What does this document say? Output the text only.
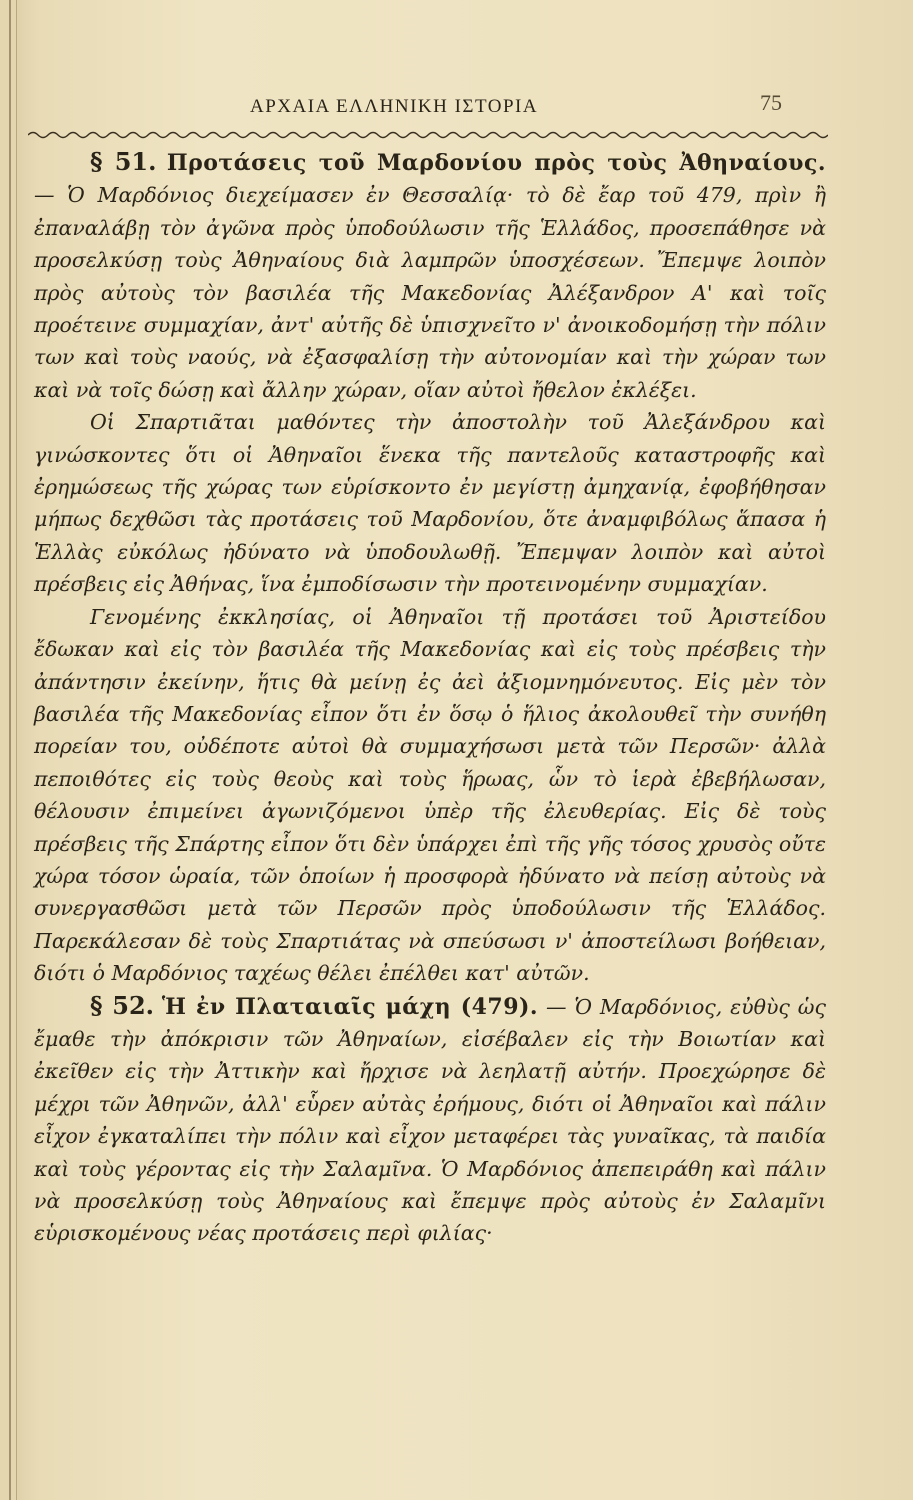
ΑΡΧΑΙΑ ΕΛΛΗΝΙΚΗ ΙΣΤΟΡΙΑ	75

§ 51. Προτάσεις τοῦ Μαρδονίου πρὸς τοὺς Ἀθηναίους. — Ὁ Μαρδόνιος διεχείμασεν ἐν Θεσσαλίᾳ· τὸ δὲ ἔαρ τοῦ 479, πρὶν ἢ ἐπαναλάβῃ τὸν ἀγῶνα πρὸς ὑποδούλωσιν τῆς Ἑλλάδος, προσεπάθησε νὰ προσελκύσῃ τοὺς Ἀθηναίους διὰ λαμπρῶν ὑποσχέσεων. Ἔπεμψε λοιπὸν πρὸς αὐτοὺς τὸν βασιλέα τῆς Μακεδονίας Ἀλέξανδρον Α' καὶ τοῖς προέτεινε συμμαχίαν, ἀντ' αὐτῆς δὲ ὑπισχνεῖτο ν' ἀνοικοδομήσῃ τὴν πόλιν των καὶ τοὺς ναούς, νὰ ἐξασφαλίσῃ τὴν αὐτονομίαν καὶ τὴν χώραν των καὶ νὰ τοῖς δώσῃ καὶ ἄλλην χώραν, οἵαν αὐτοὶ ἤθελον ἐκλέξει.

Οἱ Σπαρτιᾶται μαθόντες τὴν ἀποστολὴν τοῦ Ἀλεξάνδρου καὶ γινώσκοντες ὅτι οἱ Ἀθηναῖοι ἕνεκα τῆς παντελοῦς καταστροφῆς καὶ ἐρημώσεως τῆς χώρας των εὑρίσκοντο ἐν μεγίστῃ ἀμηχανίᾳ, ἐφοβήθησαν μήπως δεχθῶσι τὰς προτάσεις τοῦ Μαρδονίου, ὅτε ἀναμφιβόλως ἅπασα ἡ Ἑλλὰς εὐκόλως ἠδύνατο νὰ ὑποδουλωθῇ. Ἔπεμψαν λοιπὸν καὶ αὐτοὶ πρέσβεις εἰς Ἀθήνας, ἵνα ἐμποδίσωσιν τὴν προτεινομένην συμμαχίαν.

Γενομένης ἐκκλησίας, οἱ Ἀθηναῖοι τῇ προτάσει τοῦ Ἀριστείδου ἔδωκαν καὶ εἰς τὸν βασιλέα τῆς Μακεδονίας καὶ εἰς τοὺς πρέσβεις τὴν ἀπάντησιν ἐκείνην, ἥτις θὰ μείνῃ ἐς ἀεὶ ἀξιομνημόνευτος. Εἰς μὲν τὸν βασιλέα τῆς Μακεδονίας εἶπον ὅτι ἐν ὅσῳ ὁ ἥλιος ἀκολουθεῖ τὴν συνήθη πορείαν του, οὐδέποτε αὐτοὶ θὰ συμμαχήσωσι μετὰ τῶν Περσῶν· ἀλλὰ πεποιθότες εἰς τοὺς θεοὺς καὶ τοὺς ἥρωας, ὧν τὸ ἱερὰ ἐβεβήλωσαν, θέλουσιν ἐπιμείνει ἀγωνιζόμενοι ὑπὲρ τῆς ἐλευθερίας. Εἰς δὲ τοὺς πρέσβεις τῆς Σπάρτης εἶπον ὅτι δὲν ὑπάρχει ἐπὶ τῆς γῆς τόσος χρυσὸς οὔτε χώρα τόσον ὡραία, τῶν ὁποίων ἡ προσφορὰ ἠδύνατο νὰ πείσῃ αὐτοὺς νὰ συνεργασθῶσι μετὰ τῶν Περσῶν πρὸς ὑποδούλωσιν τῆς Ἑλλάδος. Παρεκάλεσαν δὲ τοὺς Σπαρτιάτας νὰ σπεύσωσι ν' ἀποστείλωσι βοήθειαν, διότι ὁ Μαρδόνιος ταχέως θέλει ἐπέλθει κατ' αὐτῶν.

§ 52. Ἡ ἐν Πλαταιαῖς μάχη (479). — Ὁ Μαρδόνιος, εὐθὺς ὡς ἔμαθε τὴν ἀπόκρισιν τῶν Ἀθηναίων, εἰσέβαλεν εἰς τὴν Βοιωτίαν καὶ ἐκεῖθεν εἰς τὴν Ἀττικὴν καὶ ἤρχισε νὰ λεηλατῇ αὐτήν. Προεχώρησε δὲ μέχρι τῶν Ἀθηνῶν, ἀλλ' εὗρεν αὐτὰς ἐρήμους, διότι οἱ Ἀθηναῖοι καὶ πάλιν εἶχον ἐγκαταλίπει τὴν πόλιν καὶ εἶχον μεταφέρει τὰς γυναῖκας, τὰ παιδία καὶ τοὺς γέροντας εἰς τὴν Σαλαμῖνα. Ὁ Μαρδόνιος ἀπεπειράθη καὶ πάλιν νὰ προσελκύσῃ τοὺς Ἀθηναίους καὶ ἔπεμψε πρὸς αὐτοὺς ἐν Σαλαμῖνι εὑρισκομένους νέας προτάσεις περὶ φιλίας·
